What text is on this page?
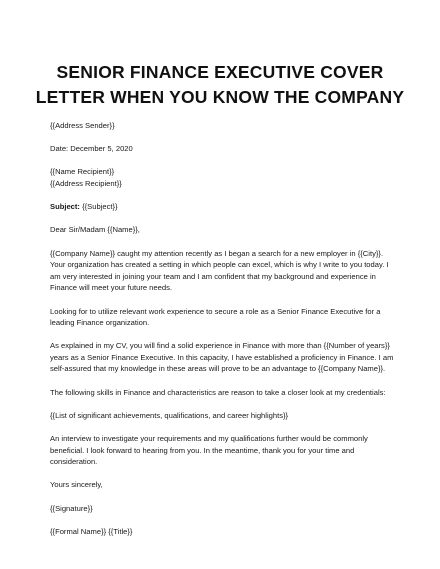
SENIOR FINANCE EXECUTIVE COVER
LETTER WHEN YOU KNOW THE COMPANY

{{Address Sender}}

Date: December 5, 2020

{{Name Recipient}}

{{Address Recipient}}

Subject: {{Subject}}

Dear Sir/Madam {{Name}},

{{Company Name}} caught my attention recently as I began a search for a new employer in {{City}}. Your organization has created a setting in which people can excel, which is why I write to you today. I am very interested in joining your team and I am confident that my background and experience in Finance will meet your future needs.

Looking for to utilize relevant work experience to secure a role as a Senior Finance Executive for a leading Finance organization.

As explained in my CV, you will find a solid experience in Finance with more than {{Number of years}} years as a Senior Finance Executive. In this capacity, I have established a proficiency in Finance. I am self-assured that my knowledge in these areas will prove to be an advantage to {{Company Name}}.

The following skills in Finance and characteristics are reason to take a closer look at my credentials:

{{List of significant achievements, qualifications, and career highlights}}

An interview to investigate your requirements and my qualifications further would be commonly beneficial. I look forward to hearing from you. In the meantime, thank you for your time and consideration.

Yours sincerely,

{{Signature}}

{{Formal Name}} {{Title}}
